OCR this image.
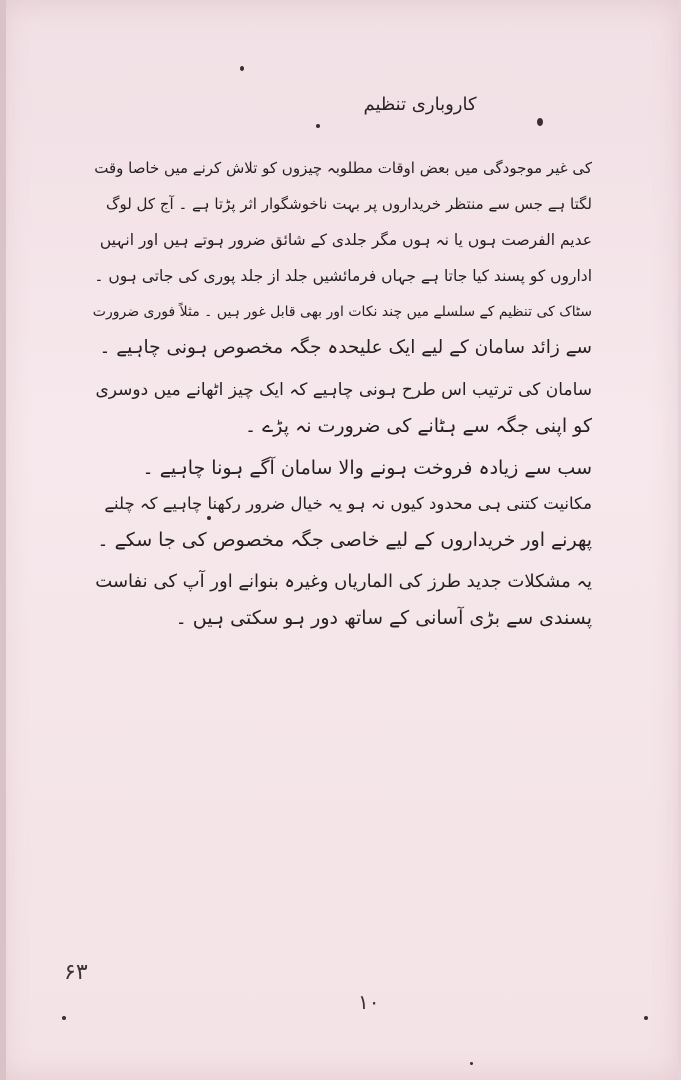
کاروباری تنظیم
کی غیر موجودگی میں بعض اوقات مطلوبہ چیزوں کو تلاش کرنے میں خاصا وقت
لگتا ہے جس سے منتظر خریداروں پر بہت ناخوشگوار اثر پڑتا ہے ۔ آج کل لوگ
عدیم الفرصت ہوں یا نہ ہوں مگر جلدی کے شائق ضرور ہوتے ہیں اور انہیں
اداروں کو پسند کیا جاتا ہے جہاں فرمائشیں جلد از جلد پوری کی جاتی ہوں ۔
سٹاک کی تنظیم کے سلسلے میں چند نکات اور بھی قابل غور ہیں ۔ مثلاً فوری ضرورت
سے زائد سامان کے لیے ایک علیحدہ جگہ مخصوص ہونی چاہیے ۔
سامان کی ترتیب اس طرح ہونی چاہیے کہ ایک چیز اٹھانے میں دوسری
کو اپنی جگہ سے ہٹانے کی ضرورت نہ پڑے ۔
سب سے زیادہ فروخت ہونے والا سامان آگے ہونا چاہیے ۔
مکانیت کتنی ہی محدود کیوں نہ ہو یہ خیال ضرور رکھنا چاہیے کہ چلنے
پھرنے اور خریداروں کے لیے خاصی جگہ مخصوص کی جا سکے ۔
یہ مشکلات جدید طرز کی الماریاں وغیرہ بنوانے اور آپ کی نفاست
پسندی سے بڑی آسانی کے ساتھ دور ہو سکتی ہیں ۔
۶۳
۱۰
